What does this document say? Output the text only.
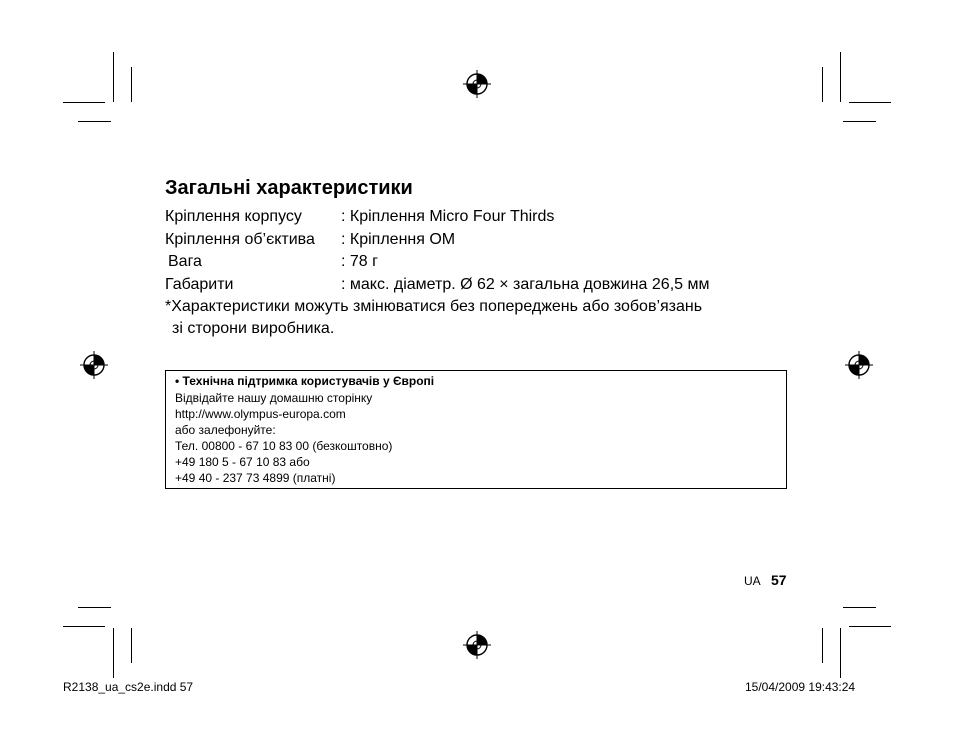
Загальні характеристики
Кріплення корпусу : Кріплення Micro Four Thirds
Кріплення об’єктива : Кріплення OM
Вага	: 78 г
Габарити	: макс. діаметр. Ø 62 × загальна довжина 26,5 мм
*Характеристики можуть змінюватися без попереджень або зобов’язань
зі сторони виробника.
• Технічна підтримка користувачів у Європі
Відвідайте нашу домашню сторінку
http://www.olympus-europa.com
або залефонуйте:
Тел. 00800 - 67 10 83 00 (безкоштовно)
+49 180 5 - 67 10 83 або
+49 40 - 237 73 4899 (платні)
UA 57
R2138_ua_cs2e.indd 57	15/04/2009 19:43:24
